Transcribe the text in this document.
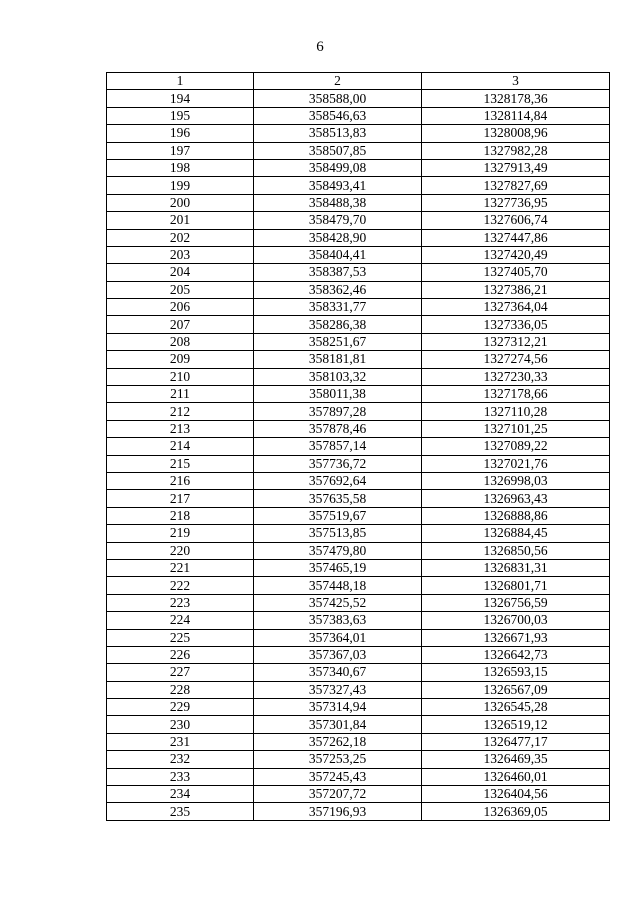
6
1	2	3
194	358588,00	1328178,36
195	358546,63	1328114,84
196	358513,83	1328008,96
197	358507,85	1327982,28
198	358499,08	1327913,49
199	358493,41	1327827,69
200	358488,38	1327736,95
201	358479,70	1327606,74
202	358428,90	1327447,86
203	358404,41	1327420,49
204	358387,53	1327405,70
205	358362,46	1327386,21
206	358331,77	1327364,04
207	358286,38	1327336,05
208	358251,67	1327312,21
209	358181,81	1327274,56
210	358103,32	1327230,33
211	358011,38	1327178,66
212	357897,28	1327110,28
213	357878,46	1327101,25
214	357857,14	1327089,22
215	357736,72	1327021,76
216	357692,64	1326998,03
217	357635,58	1326963,43
218	357519,67	1326888,86
219	357513,85	1326884,45
220	357479,80	1326850,56
221	357465,19	1326831,31
222	357448,18	1326801,71
223	357425,52	1326756,59
224	357383,63	1326700,03
225	357364,01	1326671,93
226	357367,03	1326642,73
227	357340,67	1326593,15
228	357327,43	1326567,09
229	357314,94	1326545,28
230	357301,84	1326519,12
231	357262,18	1326477,17
232	357253,25	1326469,35
233	357245,43	1326460,01
234	357207,72	1326404,56
235	357196,93	1326369,05
